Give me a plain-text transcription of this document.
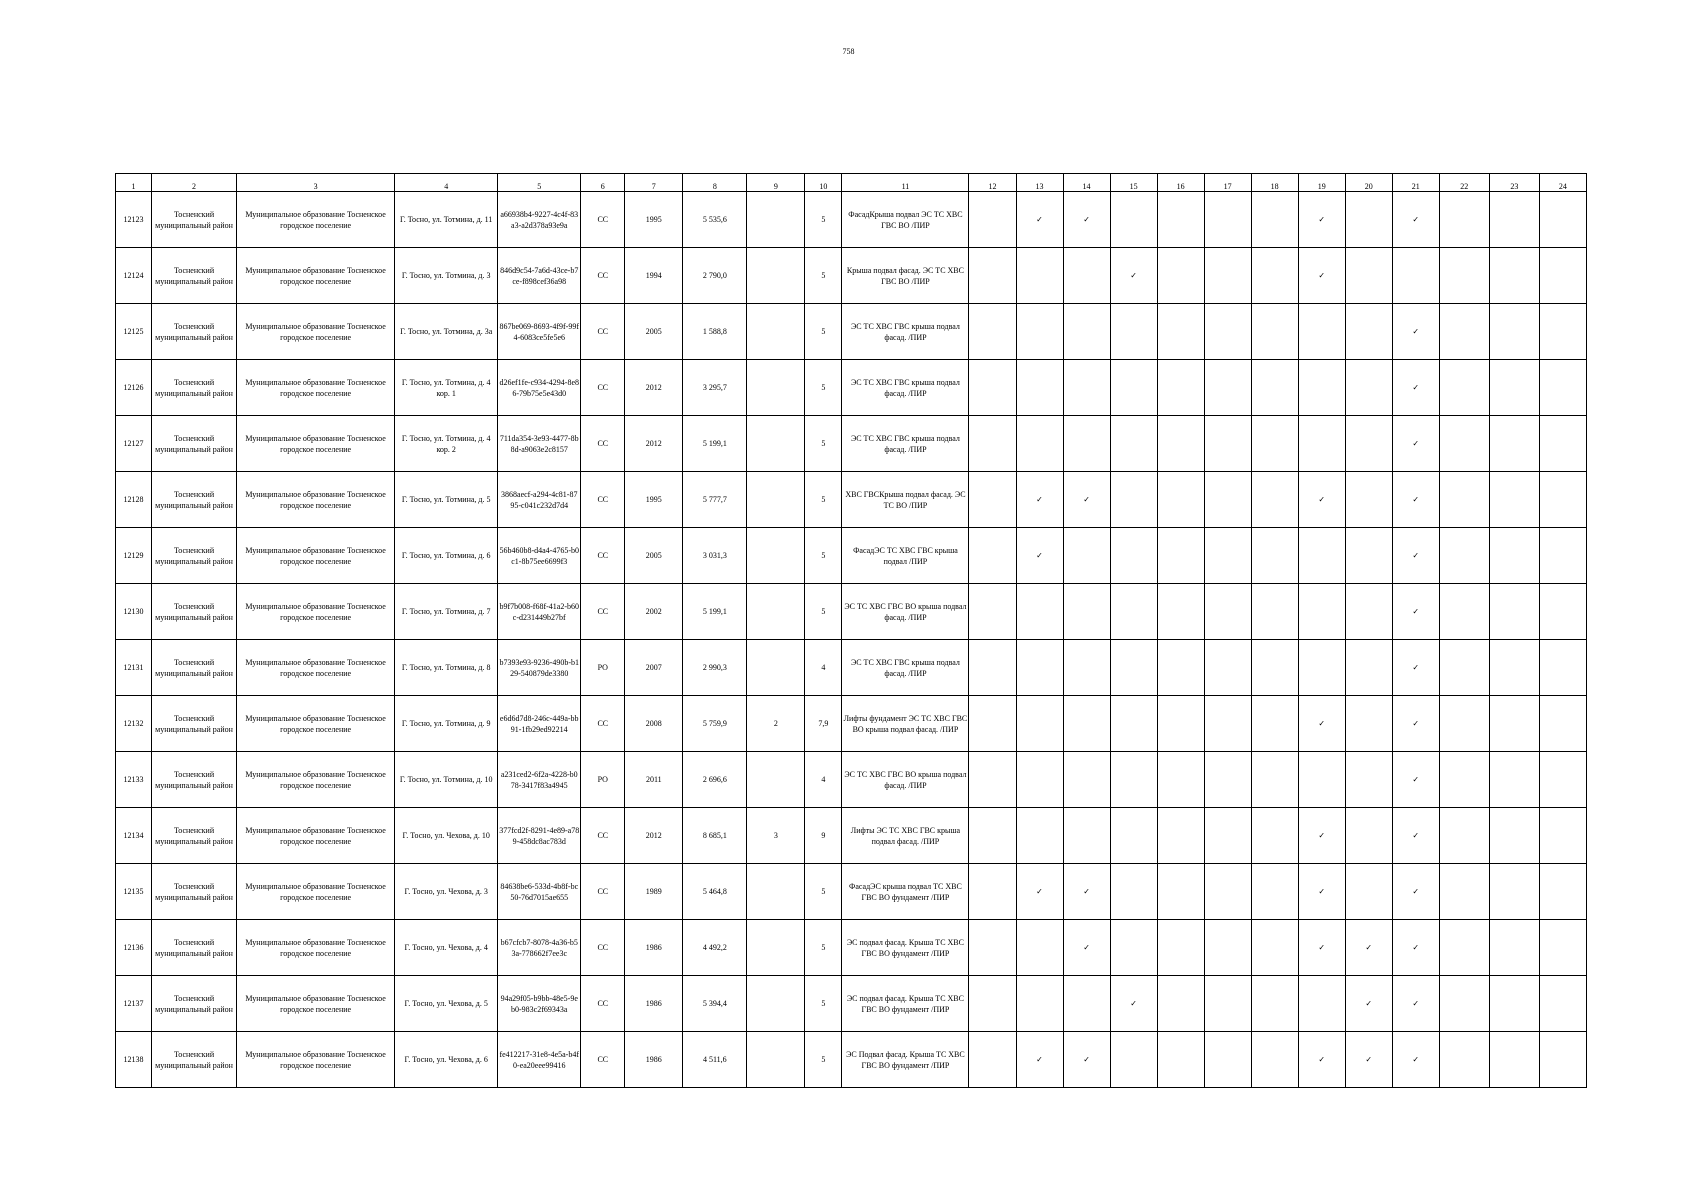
758
1	2	3	4	5	6	7	8	9	10	11	12	13	14	15	16	17	18	19	20	21	22	23	24
12123	Тосненский муниципальный район	Муниципальное образование Тосненское городское поселение	Г. Тосно, ул. Тотмина, д. 11	a66938b4-9227-4c4f-83a3-a2d378a93e9a	СС	1995	5 535,6		5	ФасадКрыша подвал ЭС ТС ХВС ГВС ВО /ПИР		✓	✓					✓		✓			
12124	Тосненский муниципальный район	Муниципальное образование Тосненское городское поселение	Г. Тосно, ул. Тотмина, д. 3	846d9c54-7a6d-43ce-b7ce-f898cef36a98	СС	1994	2 790,0		5	Крыша подвал фасад. ЭС ТС ХВС ГВС ВО /ПИР				✓				✓					
12125	Тосненский муниципальный район	Муниципальное образование Тосненское городское поселение	Г. Тосно, ул. Тотмина, д. 3а	867be069-8693-4f9f-99f4-6083ce5fe5e6	СС	2005	1 588,8		5	ЭС ТС ХВС ГВС крыша подвал фасад. /ПИР										✓			
12126	Тосненский муниципальный район	Муниципальное образование Тосненское городское поселение	Г. Тосно, ул. Тотмина, д. 4 кор. 1	d26ef1fe-c934-4294-8e86-79b75e5e43d0	СС	2012	3 295,7		5	ЭС ТС ХВС ГВС крыша подвал фасад. /ПИР										✓			
12127	Тосненский муниципальный район	Муниципальное образование Тосненское городское поселение	Г. Тосно, ул. Тотмина, д. 4 кор. 2	711da354-3e93-4477-8b8d-a9063e2c8157	СС	2012	5 199,1		5	ЭС ТС ХВС ГВС крыша подвал фасад. /ПИР										✓			
12128	Тосненский муниципальный район	Муниципальное образование Тосненское городское поселение	Г. Тосно, ул. Тотмина, д. 5	3868aecf-a294-4c81-8795-c041c232d7d4	СС	1995	5 777,7		5	ХВС ГВСКрыша подвал фасад. ЭС ТС ВО /ПИР		✓	✓					✓		✓			
12129	Тосненский муниципальный район	Муниципальное образование Тосненское городское поселение	Г. Тосно, ул. Тотмина, д. 6	56b460b8-d4a4-4765-b0c1-8b75ee6699f3	СС	2005	3 031,3		5	ФасадЭС ТС ХВС ГВС крыша подвал /ПИР		✓								✓			
12130	Тосненский муниципальный район	Муниципальное образование Тосненское городское поселение	Г. Тосно, ул. Тотмина, д. 7	b9f7b008-f68f-41a2-b60c-d231449b27bf	СС	2002	5 199,1		5	ЭС ТС ХВС ГВС ВО крыша подвал фасад. /ПИР										✓			
12131	Тосненский муниципальный район	Муниципальное образование Тосненское городское поселение	Г. Тосно, ул. Тотмина, д. 8	b7393e93-9236-490b-b129-540879de3380	РО	2007	2 990,3		4	ЭС ТС ХВС ГВС крыша подвал фасад. /ПИР										✓			
12132	Тосненский муниципальный район	Муниципальное образование Тосненское городское поселение	Г. Тосно, ул. Тотмина, д. 9	e6d6d7d8-246c-449a-bb91-1fb29ed92214	СС	2008	5 759,9	2	7,9	Лифты фундамент ЭС ТС ХВС ГВС ВО крыша подвал фасад. /ПИР								✓		✓			
12133	Тосненский муниципальный район	Муниципальное образование Тосненское городское поселение	Г. Тосно, ул. Тотмина, д. 10	a231ced2-6f2a-4228-b078-3417f83a4945	РО	2011	2 696,6		4	ЭС ТС ХВС ГВС ВО крыша подвал фасад. /ПИР										✓			
12134	Тосненский муниципальный район	Муниципальное образование Тосненское городское поселение	Г. Тосно, ул. Чехова, д. 10	377fcd2f-8291-4e89-a789-458dc8ac783d	СС	2012	8 685,1	3	9	Лифты ЭС ТС ХВС ГВС крыша подвал фасад. /ПИР								✓		✓			
12135	Тосненский муниципальный район	Муниципальное образование Тосненское городское поселение	Г. Тосно, ул. Чехова, д. 3	84638be6-533d-4b8f-bc50-76d7015ae655	СС	1989	5 464,8		5	ФасадЭС крыша подвал ТС ХВС ГВС ВО фундамент /ПИР		✓	✓					✓		✓			
12136	Тосненский муниципальный район	Муниципальное образование Тосненское городское поселение	Г. Тосно, ул. Чехова, д. 4	b67cfcb7-8078-4a36-b53a-778662f7ee3c	СС	1986	4 492,2		5	ЭС подвал фасад. Крыша ТС ХВС ГВС ВО фундамент /ПИР			✓					✓	✓	✓			
12137	Тосненский муниципальный район	Муниципальное образование Тосненское городское поселение	Г. Тосно, ул. Чехова, д. 5	94a29f05-b9bb-48e5-9eb0-983c2f69343a	СС	1986	5 394,4		5	ЭС подвал фасад. Крыша ТС ХВС ГВС ВО фундамент /ПИР				✓					✓	✓			
12138	Тосненский муниципальный район	Муниципальное образование Тосненское городское поселение	Г. Тосно, ул. Чехова, д. 6	fe412217-31e8-4e5a-b4f0-ea20eee99416	СС	1986	4 511,6		5	ЭС Подвал фасад. Крыша ТС ХВС ГВС ВО фундамент /ПИР		✓	✓					✓	✓	✓			
